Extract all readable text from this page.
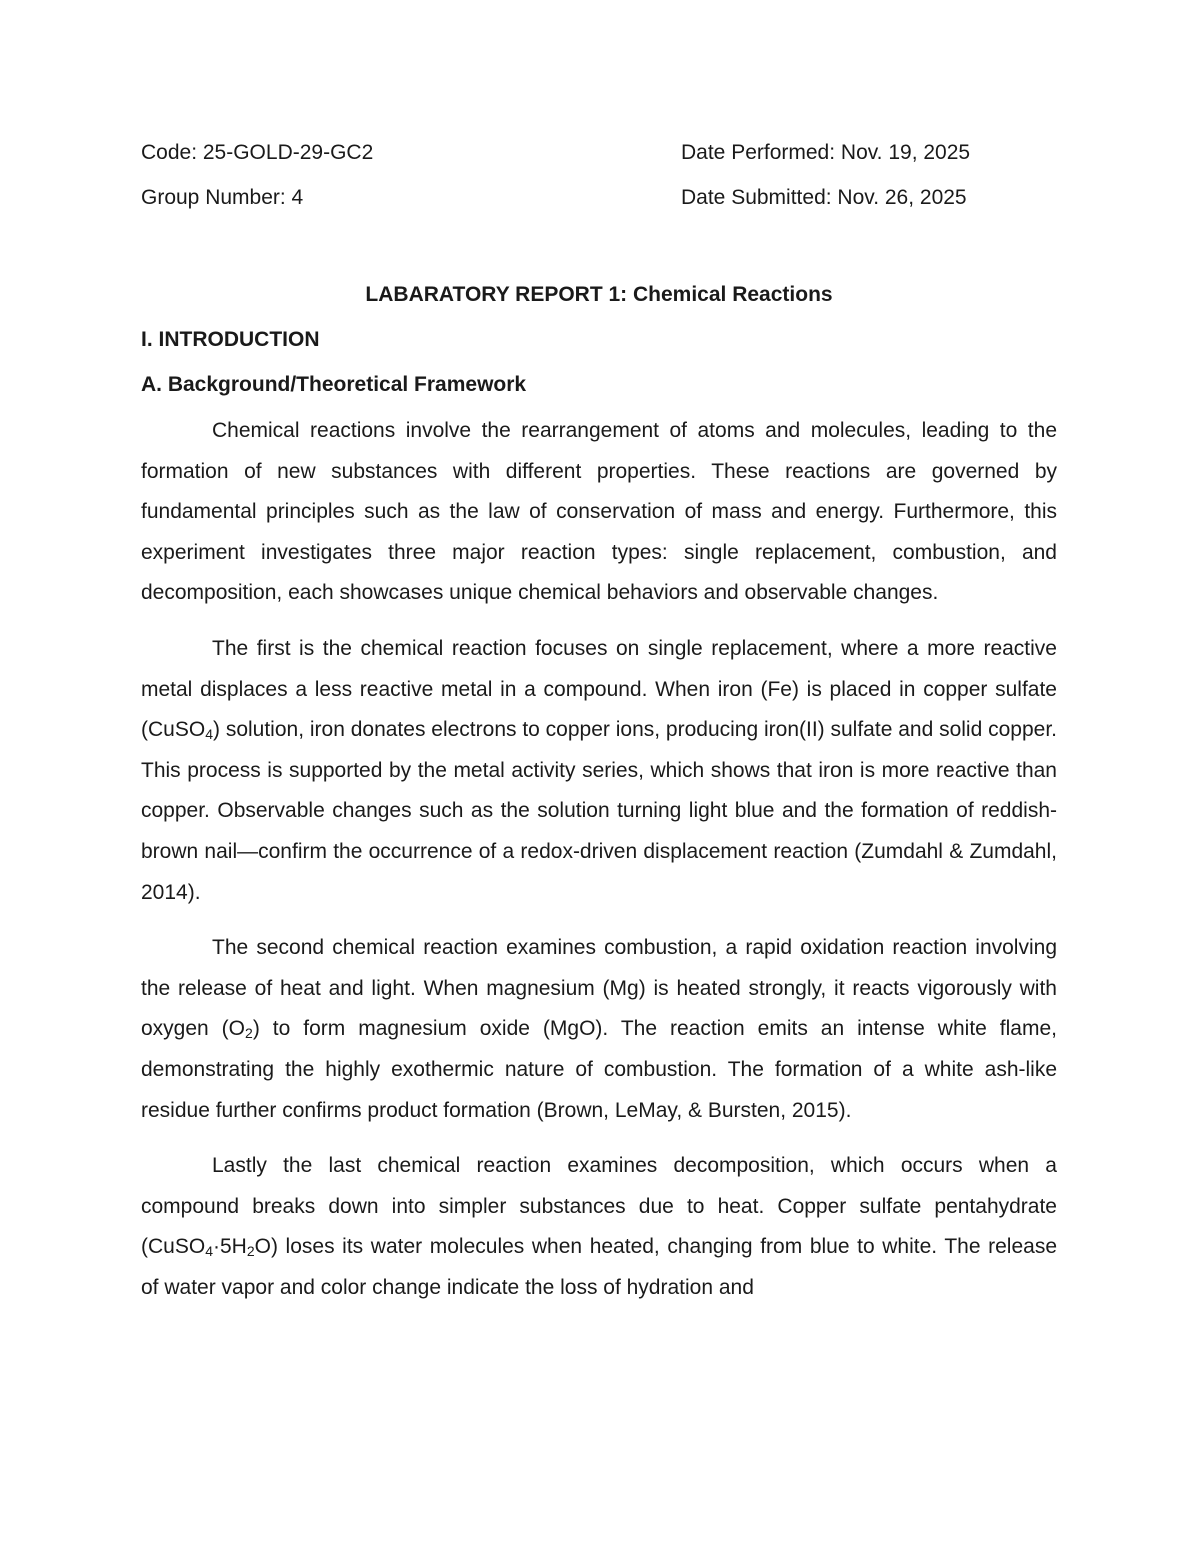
Code: 25-GOLD-29-GC2	Date Performed: Nov. 19, 2025
Group Number: 4	Date Submitted: Nov. 26, 2025
LABARATORY REPORT 1: Chemical Reactions
I. INTRODUCTION
A. Background/Theoretical Framework

Chemical reactions involve the rearrangement of atoms and molecules, leading to the formation of new substances with different properties. These reactions are governed by fundamental principles such as the law of conservation of mass and energy. Furthermore, this experiment investigates three major reaction types: single replacement, combustion, and decomposition, each showcases unique chemical behaviors and observable changes.

The first is the chemical reaction focuses on single replacement, where a more reactive metal displaces a less reactive metal in a compound. When iron (Fe) is placed in copper sulfate (CuSO$_4$) solution, iron donates electrons to copper ions, producing iron(II) sulfate and solid copper. This process is supported by the metal activity series, which shows that iron is more reactive than copper. Observable changes such as the solution turning light blue and the formation of reddish-brown nail—confirm the occurrence of a redox-driven displacement reaction (Zumdahl & Zumdahl, 2014).

The second chemical reaction examines combustion, a rapid oxidation reaction involving the release of heat and light. When magnesium (Mg) is heated strongly, it reacts vigorously with oxygen $(O_2)$ to form magnesium oxide (MgO). The reaction emits an intense white flame, demonstrating the highly exothermic nature of combustion. The formation of a white ash-like residue further confirms product formation (Brown, LeMay, & Bursten, 2015).

Lastly the last chemical reaction examines decomposition, which occurs when a compound breaks down into simpler substances due to heat. Copper sulfate pentahydrate $(CuSO_4\cdot 5H_2O)$ loses its water molecules when heated, changing from blue to white. The release of water vapor and color change indicate the loss of hydration and
